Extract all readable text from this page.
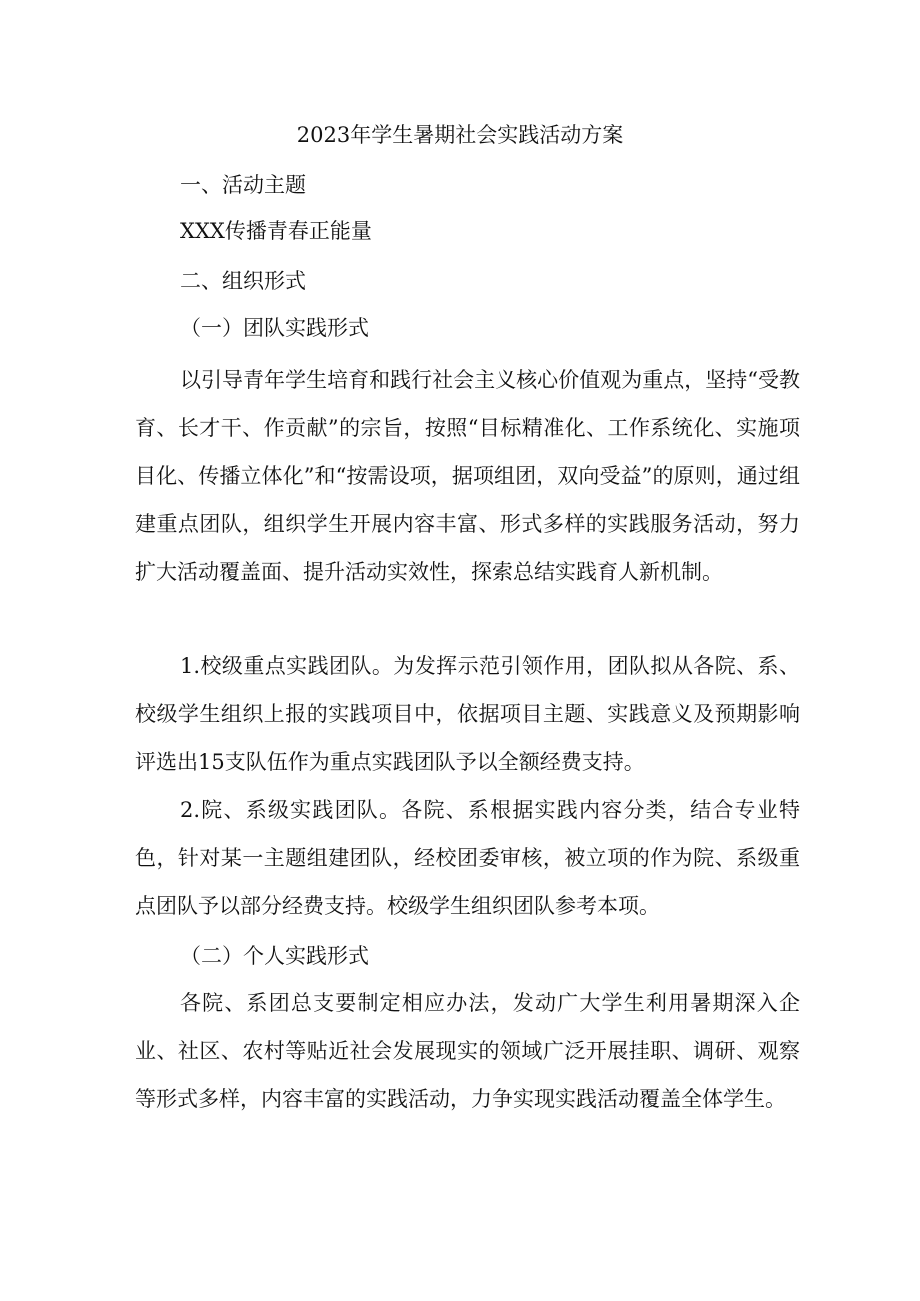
2023年学生暑期社会实践活动方案
一、活动主题
XXX传播青春正能量
二、组织形式
（一）团队实践形式

以引导青年学生培育和践行社会主义核心价值观为重点，坚持“受教育、长才干、作贡献”的宗旨，按照“目标精准化、工作系统化、实施项目化、传播立体化”和“按需设项，据项组团，双向受益”的原则，通过组建重点团队，组织学生开展内容丰富、形式多样的实践服务活动，努力扩大活动覆盖面、提升活动实效性，探索总结实践育人新机制。

1.校级重点实践团队。为发挥示范引领作用，团队拟从各院、系、校级学生组织上报的实践项目中，依据项目主题、实践意义及预期影响评选出15支队伍作为重点实践团队予以全额经费支持。

2.院、系级实践团队。各院、系根据实践内容分类，结合专业特色，针对某一主题组建团队，经校团委审核，被立项的作为院、系级重点团队予以部分经费支持。校级学生组织团队参考本项。

（二）个人实践形式

各院、系团总支要制定相应办法，发动广大学生利用暑期深入企业、社区、农村等贴近社会发展现实的领域广泛开展挂职、调研、观察等形式多样，内容丰富的实践活动，力争实现实践活动覆盖全体学生。
